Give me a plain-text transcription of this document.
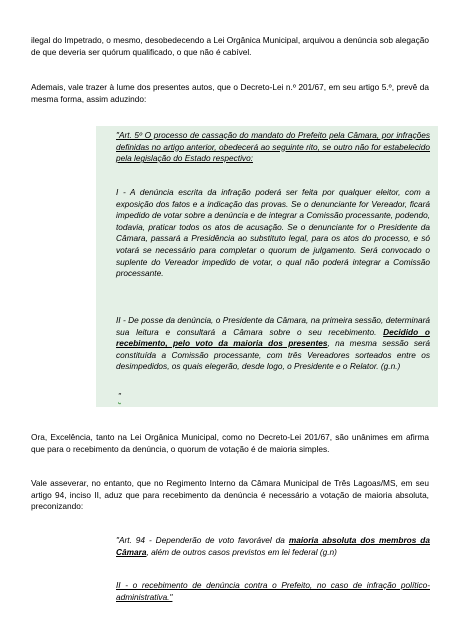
ilegal do Impetrado, o mesmo, desobedecendo a Lei Orgânica Municipal, arquivou a denúncia sob alegação de que deveria ser quórum qualificado, o que não é cabível.

Ademais, vale trazer à lume dos presentes autos, que o Decreto-Lei n.º 201/67, em seu artigo 5.º, prevê da mesma forma, assim aduzindo:

"Art. 5º O processo de cassação do mandato do Prefeito pela Câmara, por infrações definidas no artigo anterior, obedecerá ao seguinte rito, se outro não for estabelecido pela legislação do Estado respectivo:

I - A denúncia escrita da infração poderá ser feita por qualquer eleitor, com a exposição dos fatos e a indicação das provas. Se o denunciante for Vereador, ficará impedido de votar sobre a denúncia e de integrar a Comissão processante, podendo, todavia, praticar todos os atos de acusação. Se o denunciante for o Presidente da Câmara, passará a Presidência ao substituto legal, para os atos do processo, e só votará se necessário para completar o quorum de julgamento. Será convocado o suplente do Vereador impedido de votar, o qual não poderá integrar a Comissão processante.

II - De posse da denúncia, o Presidente da Câmara, na primeira sessão, determinará sua leitura e consultará a Câmara sobre o seu recebimento. Decidido o recebimento, pelo voto da maioria dos presentes, na mesma sessão será constituída a Comissão processante, com três Vereadores sorteados entre os desimpedidos, os quais elegerão, desde logo, o Presidente e o Relator. (g.n.)

"

Ora, Excelência, tanto na Lei Orgânica Municipal, como no Decreto-Lei 201/67, são unânimes em afirma que para o recebimento da denúncia, o quorum de votação é de maioria simples.

Vale asseverar, no entanto, que no Regimento Interno da Câmara Municipal de Três Lagoas/MS, em seu artigo 94, inciso II, aduz que para recebimento da denúncia é necessário a votação de maioria absoluta, preconizando:

"Art. 94 - Dependerão de voto favorável da maioria absoluta dos membros da Câmara, além de outros casos previstos em lei federal (g.n)

II - o recebimento de denúncia contra o Prefeito, no caso de infração político-administrativa."
